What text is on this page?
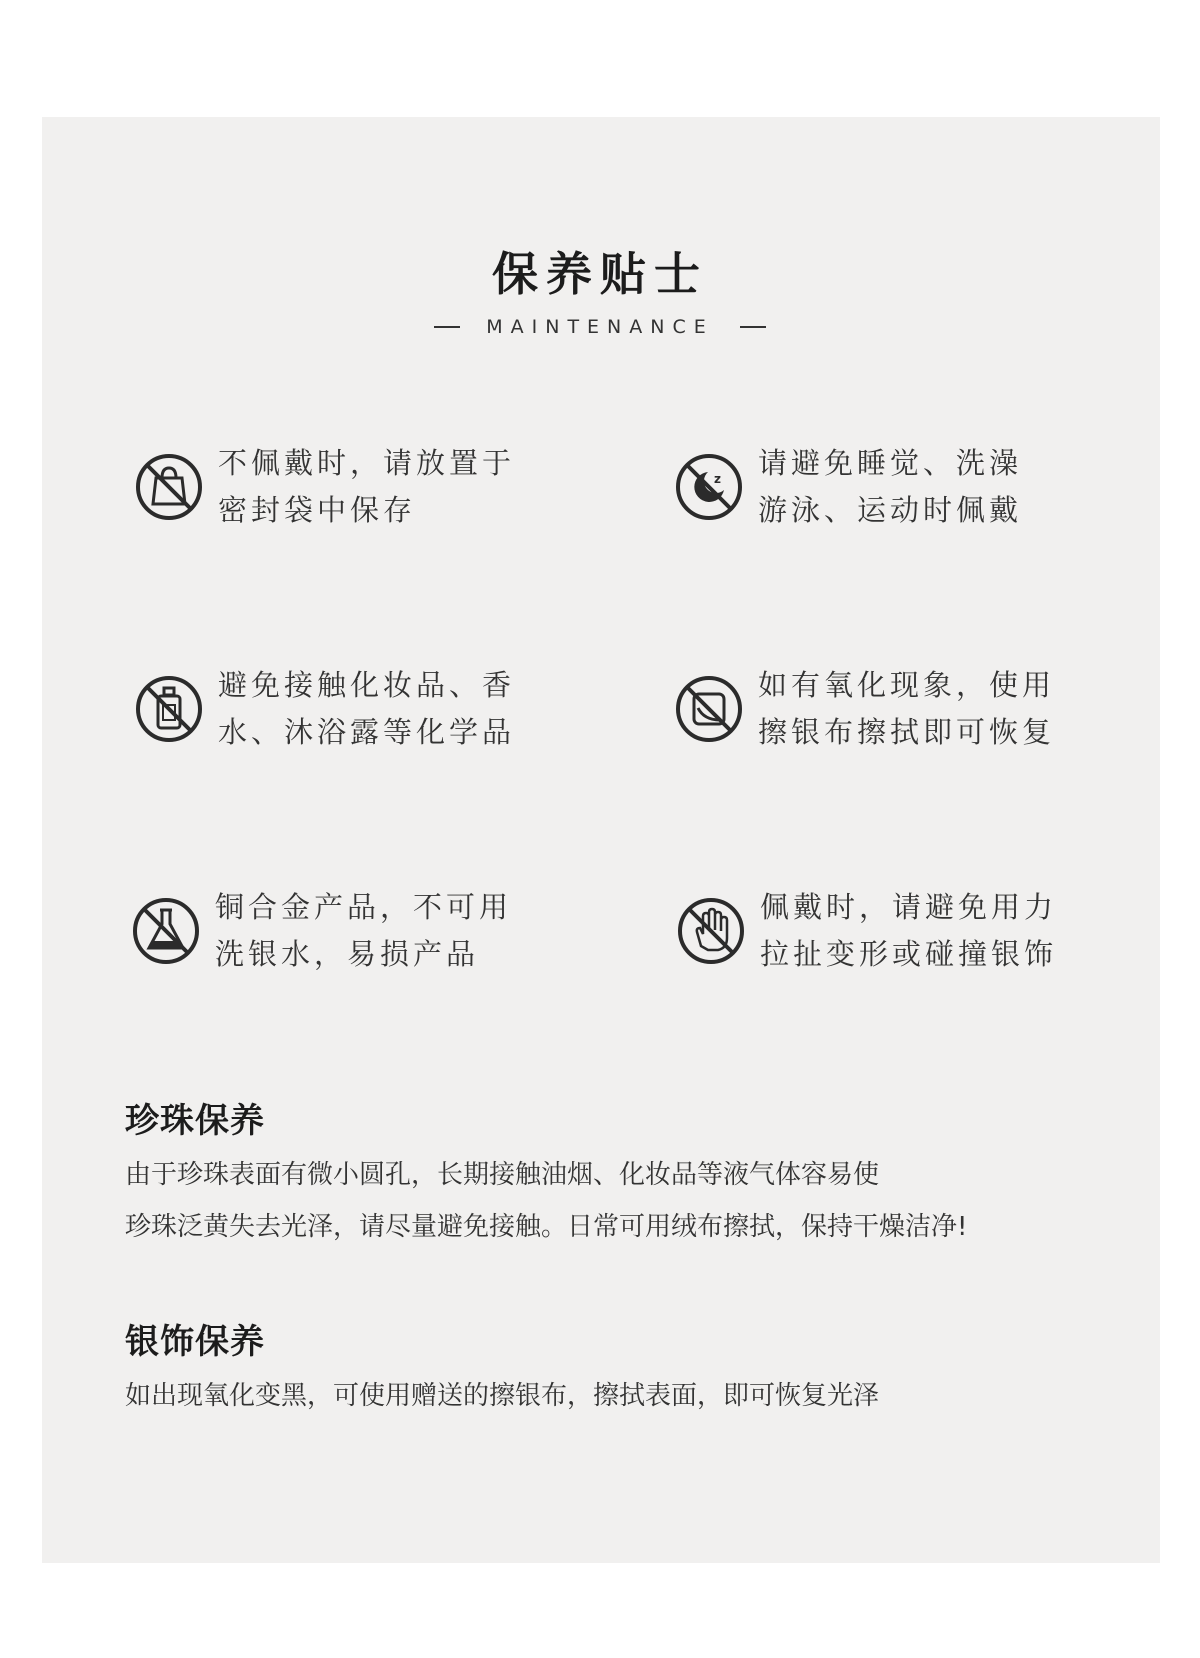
保养贴士
MAINTENANCE
不佩戴时，请放置于
密封袋中保存
z 请避免睡觉、洗澡
游泳、运动时佩戴
避免接触化妆品、香
水、沐浴露等化学品
如有氧化现象，使用
擦银布擦拭即可恢复
铜合金产品，不可用
洗银水，易损产品
佩戴时，请避免用力
拉扯变形或碰撞银饰
珍珠保养
由于珍珠表面有微小圆孔，长期接触油烟、化妆品等液气体容易使
珍珠泛黄失去光泽，请尽量避免接触。日常可用绒布擦拭，保持干燥洁净!
银饰保养
如出现氧化变黑，可使用赠送的擦银布，擦拭表面，即可恢复光泽
